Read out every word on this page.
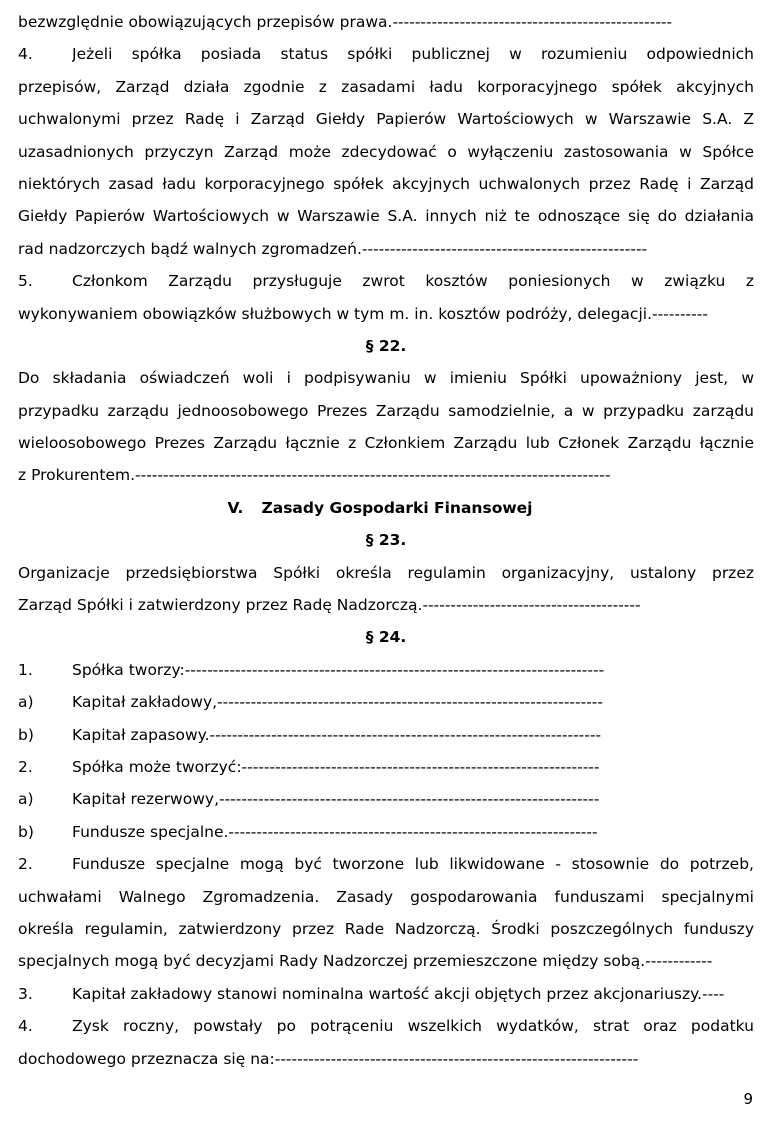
bezwzględnie obowiązujących przepisów prawa.--------------------------------------------------
4.	Jeżeli spółka posiada status spółki publicznej w rozumieniu odpowiednich
przepisów, Zarząd działa zgodnie z zasadami ładu korporacyjnego spółek akcyjnych
uchwalonymi przez Radę i Zarząd Giełdy Papierów Wartościowych w Warszawie S.A. Z
uzasadnionych przyczyn Zarząd może zdecydować o wyłączeniu zastosowania w Spółce
niektórych zasad ładu korporacyjnego spółek akcyjnych uchwalonych przez Radę i Zarząd
Giełdy Papierów Wartościowych w Warszawie S.A. innych niż te odnoszące się do działania
rad nadzorczych bądź walnych zgromadzeń.---------------------------------------------------
5.	Członkom Zarządu przysługuje zwrot kosztów poniesionych w związku z
wykonywaniem obowiązków służbowych w tym m. in. kosztów podróży, delegacji.----------
§ 22.
Do składania oświadczeń woli i podpisywaniu w imieniu Spółki upoważniony jest, w
przypadku zarządu jednoosobowego Prezes Zarządu samodzielnie, a w przypadku zarządu
wieloosobowego Prezes Zarządu łącznie z Członkiem Zarządu lub Członek Zarządu łącznie
z Prokurentem.-------------------------------------------------------------------------------------
V. Zasady Gospodarki Finansowej
§ 23.
Organizacje przedsiębiorstwa Spółki określa regulamin organizacyjny, ustalony przez
Zarząd Spółki i zatwierdzony przez Radę Nadzorczą.---------------------------------------
§ 24.
1.	Spółka tworzy:---------------------------------------------------------------------------
a)	Kapitał zakładowy,---------------------------------------------------------------------
b)	Kapitał zapasowy.----------------------------------------------------------------------
2.	Spółka może tworzyć:----------------------------------------------------------------
a)	Kapitał rezerwowy,--------------------------------------------------------------------
b)	Fundusze specjalne.------------------------------------------------------------------
2.	Fundusze specjalne mogą być tworzone lub likwidowane - stosownie do potrzeb,
uchwałami Walnego Zgromadzenia. Zasady gospodarowania funduszami specjalnymi
określa regulamin, zatwierdzony przez Rade Nadzorczą. Środki poszczególnych funduszy
specjalnych mogą być decyzjami Rady Nadzorczej przemieszczone między sobą.------------
3.	Kapitał zakładowy stanowi nominalna wartość akcji objętych przez akcjonariuszy.----
4.	Zysk roczny, powstały po potrąceniu wszelkich wydatków, strat oraz podatku
dochodowego przeznacza się na:-----------------------------------------------------------------
9
